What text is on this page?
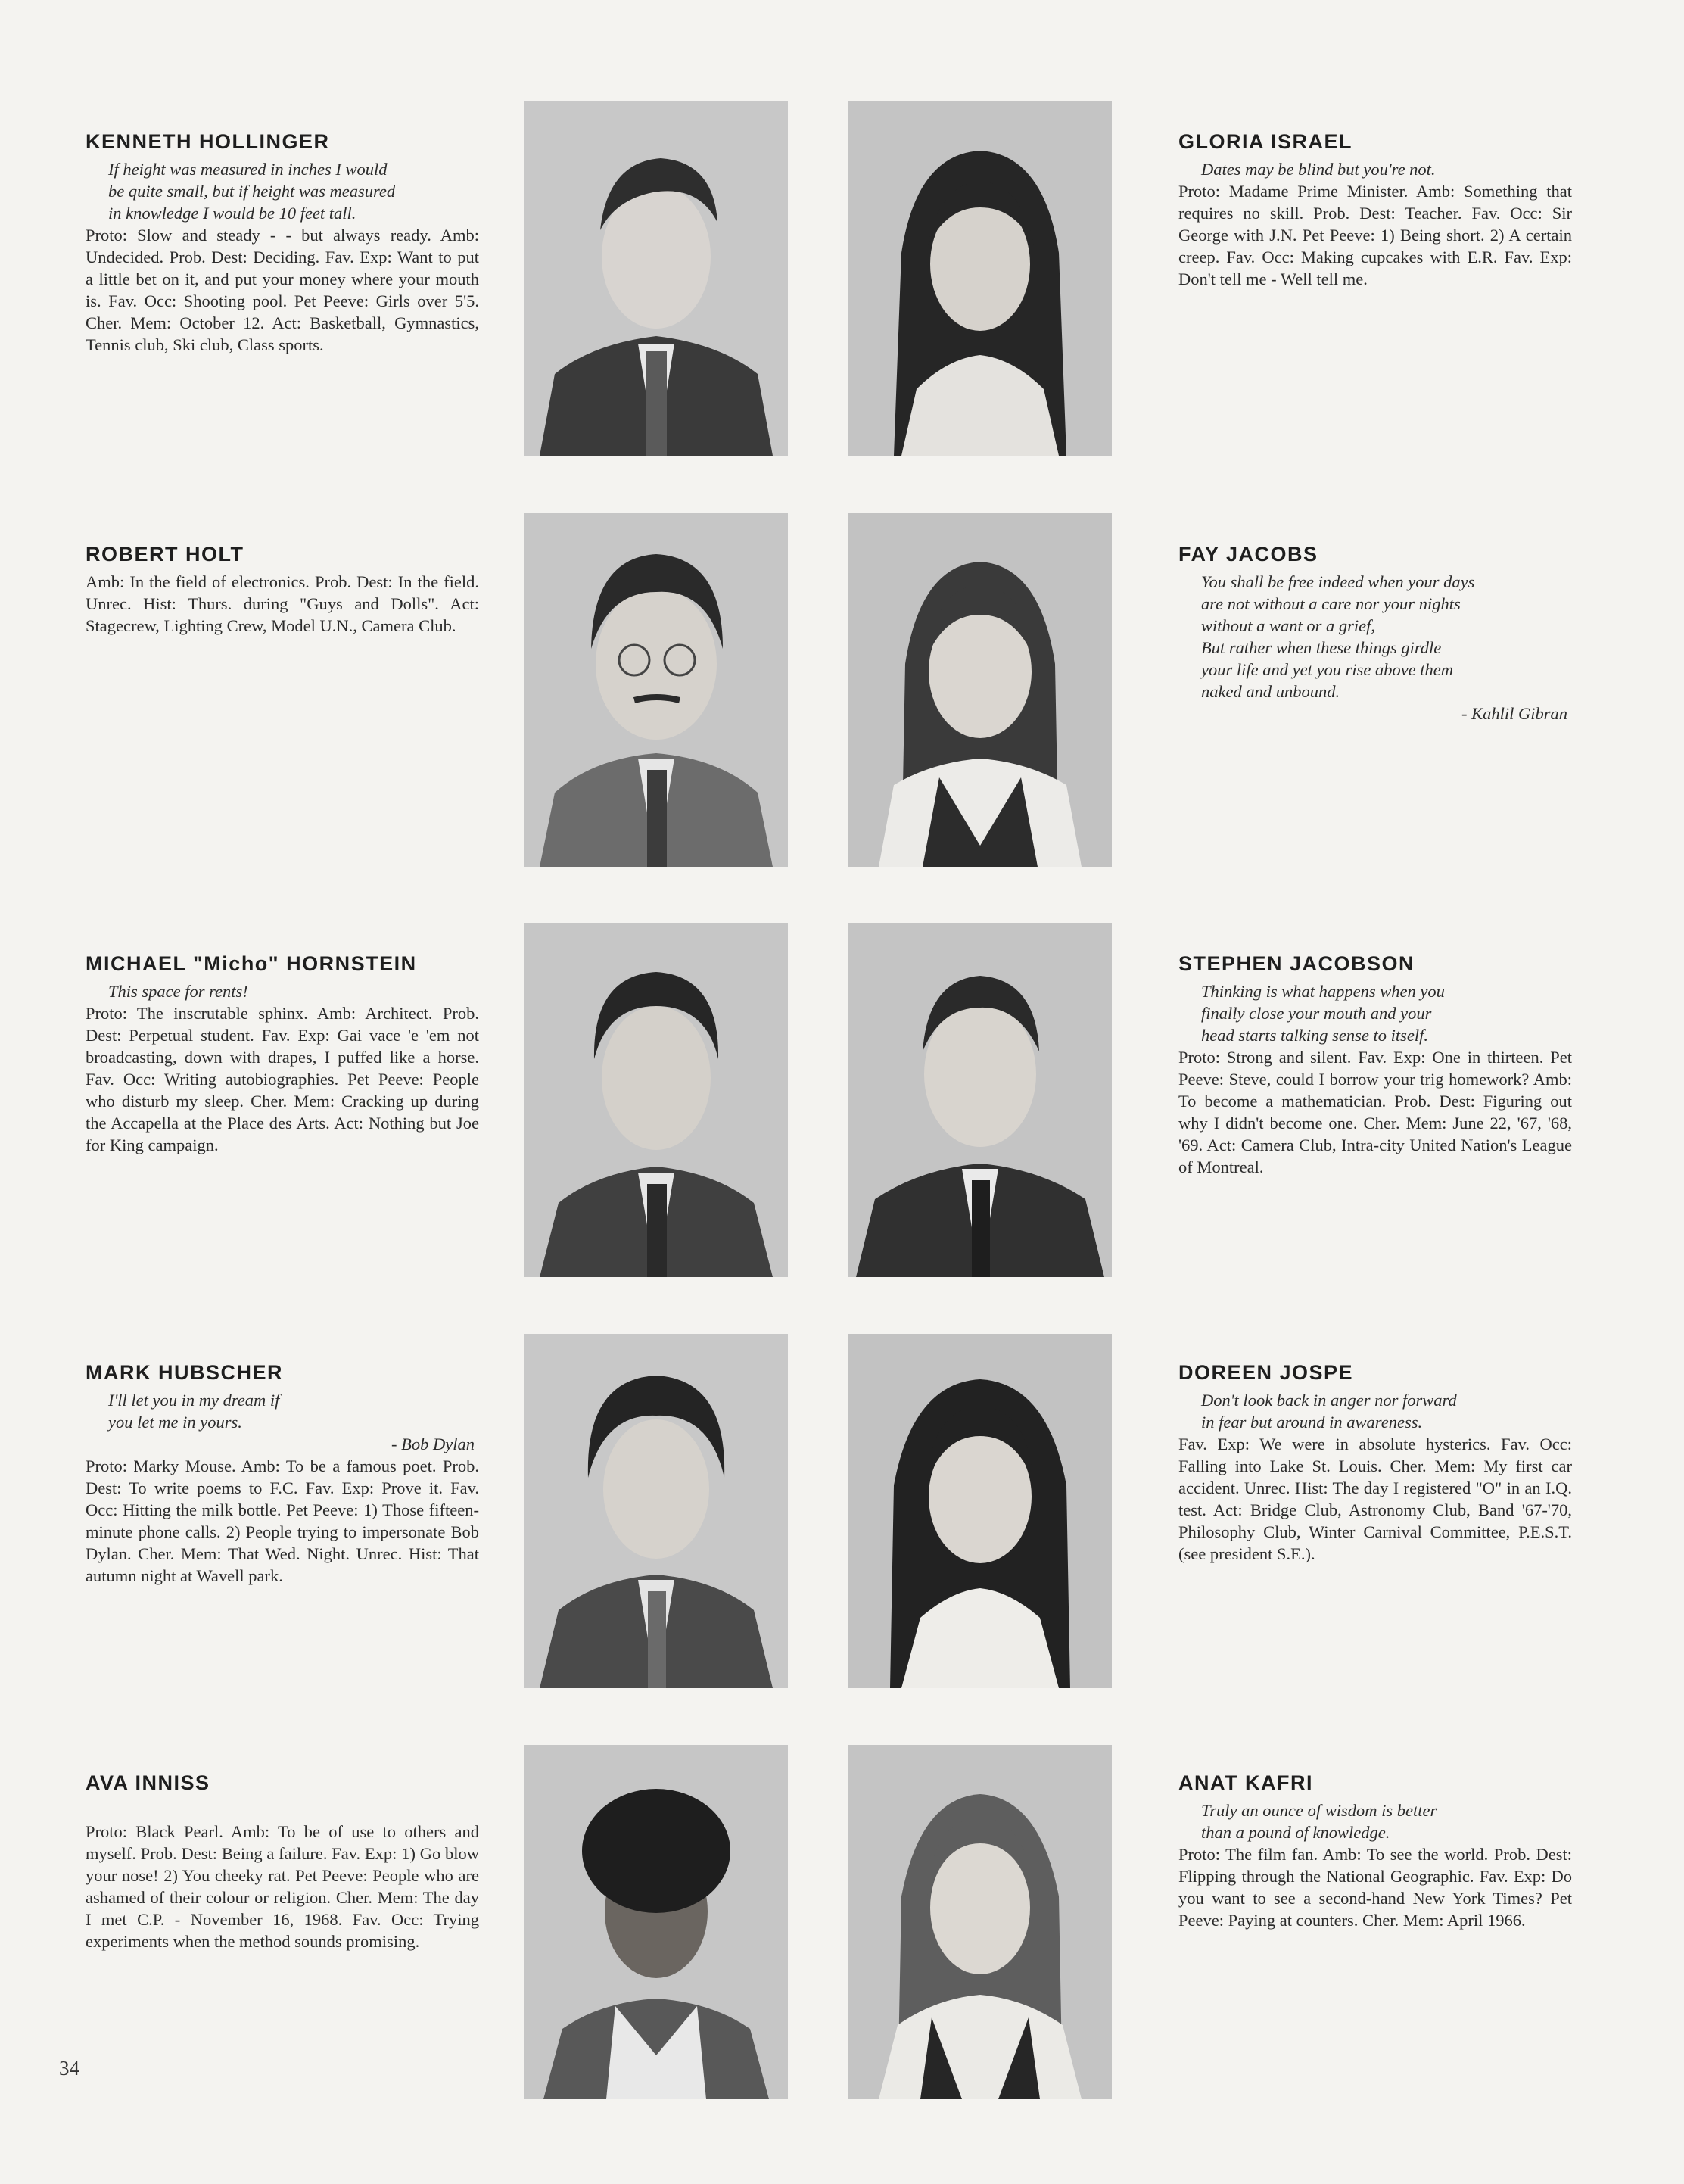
KENNETH HOLLINGER
If height was measured in inches I would
be quite small, but if height was measured
in knowledge I would be 10 feet tall.

Proto: Slow and steady - - but always ready. Amb: Undecided. Prob. Dest: Deciding. Fav. Exp: Want to put a little bet on it, and put your money where your mouth is. Fav. Occ: Shooting pool. Pet Peeve: Girls over 5'5. Cher. Mem: October 12. Act: Basketball, Gymnastics, Tennis club, Ski club, Class sports.

GLORIA ISRAEL
Dates may be blind but you're not.

Proto: Madame Prime Minister. Amb: Something that requires no skill. Prob. Dest: Teacher. Fav. Occ: Sir George with J.N. Pet Peeve: 1) Being short. 2) A certain creep. Fav. Occ: Making cupcakes with E.R. Fav. Exp: Don't tell me - Well tell me.

ROBERT HOLT

Amb: In the field of electronics. Prob. Dest: In the field. Unrec. Hist: Thurs. during "Guys and Dolls". Act: Stagecrew, Lighting Crew, Model U.N., Camera Club.

FAY JACOBS
You shall be free indeed when your days
are not without a care nor your nights
without a want or a grief,
But rather when these things girdle
your life and yet you rise above them
naked and unbound.
- Kahlil Gibran
MICHAEL "Micho" HORNSTEIN
This space for rents!

Proto: The inscrutable sphinx. Amb: Architect. Prob. Dest: Perpetual student. Fav. Exp: Gai vace 'e 'em not broadcasting, down with drapes, I puffed like a horse. Fav. Occ: Writing autobiographies. Pet Peeve: People who disturb my sleep. Cher. Mem: Cracking up during the Accapella at the Place des Arts. Act: Nothing but Joe for King campaign.

STEPHEN JACOBSON
Thinking is what happens when you
finally close your mouth and your
head starts talking sense to itself.

Proto: Strong and silent. Fav. Exp: One in thirteen. Pet Peeve: Steve, could I borrow your trig homework? Amb: To become a mathematician. Prob. Dest: Figuring out why I didn't become one. Cher. Mem: June 22, '67, '68, '69. Act: Camera Club, Intra-city United Nation's League of Montreal.

MARK HUBSCHER
I'll let you in my dream if
you let me in yours.
- Bob Dylan

Proto: Marky Mouse. Amb: To be a famous poet. Prob. Dest: To write poems to F.C. Fav. Exp: Prove it. Fav. Occ: Hitting the milk bottle. Pet Peeve: 1) Those fifteen-minute phone calls. 2) People trying to impersonate Bob Dylan. Cher. Mem: That Wed. Night. Unrec. Hist: That autumn night at Wavell park.

DOREEN JOSPE
Don't look back in anger nor forward
in fear but around in awareness.

Fav. Exp: We were in absolute hysterics. Fav. Occ: Falling into Lake St. Louis. Cher. Mem: My first car accident. Unrec. Hist: The day I registered "O" in an I.Q. test. Act: Bridge Club, Astronomy Club, Band '67-'70, Philosophy Club, Winter Carnival Committee, P.E.S.T. (see president S.E.).

AVA INNISS

Proto: Black Pearl. Amb: To be of use to others and myself. Prob. Dest: Being a failure. Fav. Exp: 1) Go blow your nose! 2) You cheeky rat. Pet Peeve: People who are ashamed of their colour or religion. Cher. Mem: The day I met C.P. - November 16, 1968. Fav. Occ: Trying experiments when the method sounds promising.

ANAT KAFRI
Truly an ounce of wisdom is better
than a pound of knowledge.

Proto: The film fan. Amb: To see the world. Prob. Dest: Flipping through the National Geographic. Fav. Exp: Do you want to see a second-hand New York Times? Pet Peeve: Paying at counters. Cher. Mem: April 1966.

34
